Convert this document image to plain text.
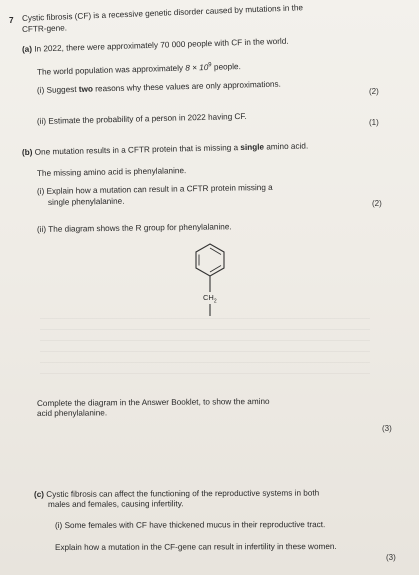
7 Cystic fibrosis (CF) is a recessive genetic disorder caused by mutations in the
CFTR-gene.
(a) In 2022, there were approximately 70 000 people with CF in the world.
The world population was approximately $8 \times 10^9$ people.
(i) Suggest two reasons why these values are only approximations.	(2)
(ii) Estimate the probability of a person in 2022 having CF.	(1)
(b) One mutation results in a CFTR protein that is missing a single amino acid.
The missing amino acid is phenylalanine.
(i) Explain how a mutation can result in a CFTR protein missing a
single phenylalanine.	(2)
(ii) The diagram shows the R group for phenylalanine.
$CH_2$
Complete the diagram in the Answer Booklet, to show the amino
acid phenylalanine.
(3)
(c) Cystic fibrosis can affect the functioning of the reproductive systems in both
males and females, causing infertility.
(i) Some females with CF have thickened mucus in their reproductive tract.
Explain how a mutation in the CF-gene can result in infertility in these women.
(3)
